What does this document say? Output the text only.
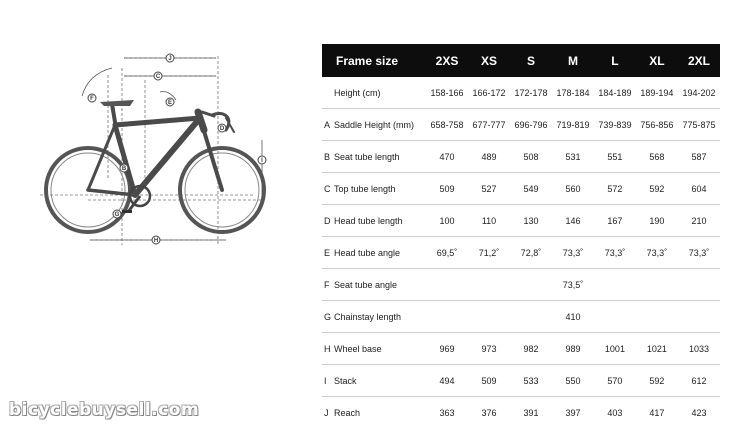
J
C
E
F
B
D
I
H
G
Frame size		2XS	XS	S	M	L	XL	2XL
	Height (cm)	158-166	166-172	172-178	178-184	184-189	189-194	194-202
A	Saddle Height (mm)	658-758	677-777	696-796	719-819	739-839	756-856	775-875
B	Seat tube length	470	489	508	531	551	568	587
C	Top tube length	509	527	549	560	572	592	604
D	Head tube length	100	110	130	146	167	190	210
E	Head tube angle	69,5˚	71,2˚	72,8˚	73,3˚	73,3˚	73,3˚	73,3˚
F	Seat tube angle				73,5˚			
G	Chainstay length				410			
H	Wheel base	969	973	982	989	1001	1021	1033
I	Stack	494	509	533	550	570	592	612
J	Reach	363	376	391	397	403	417	423
bicyclebuysell.com
